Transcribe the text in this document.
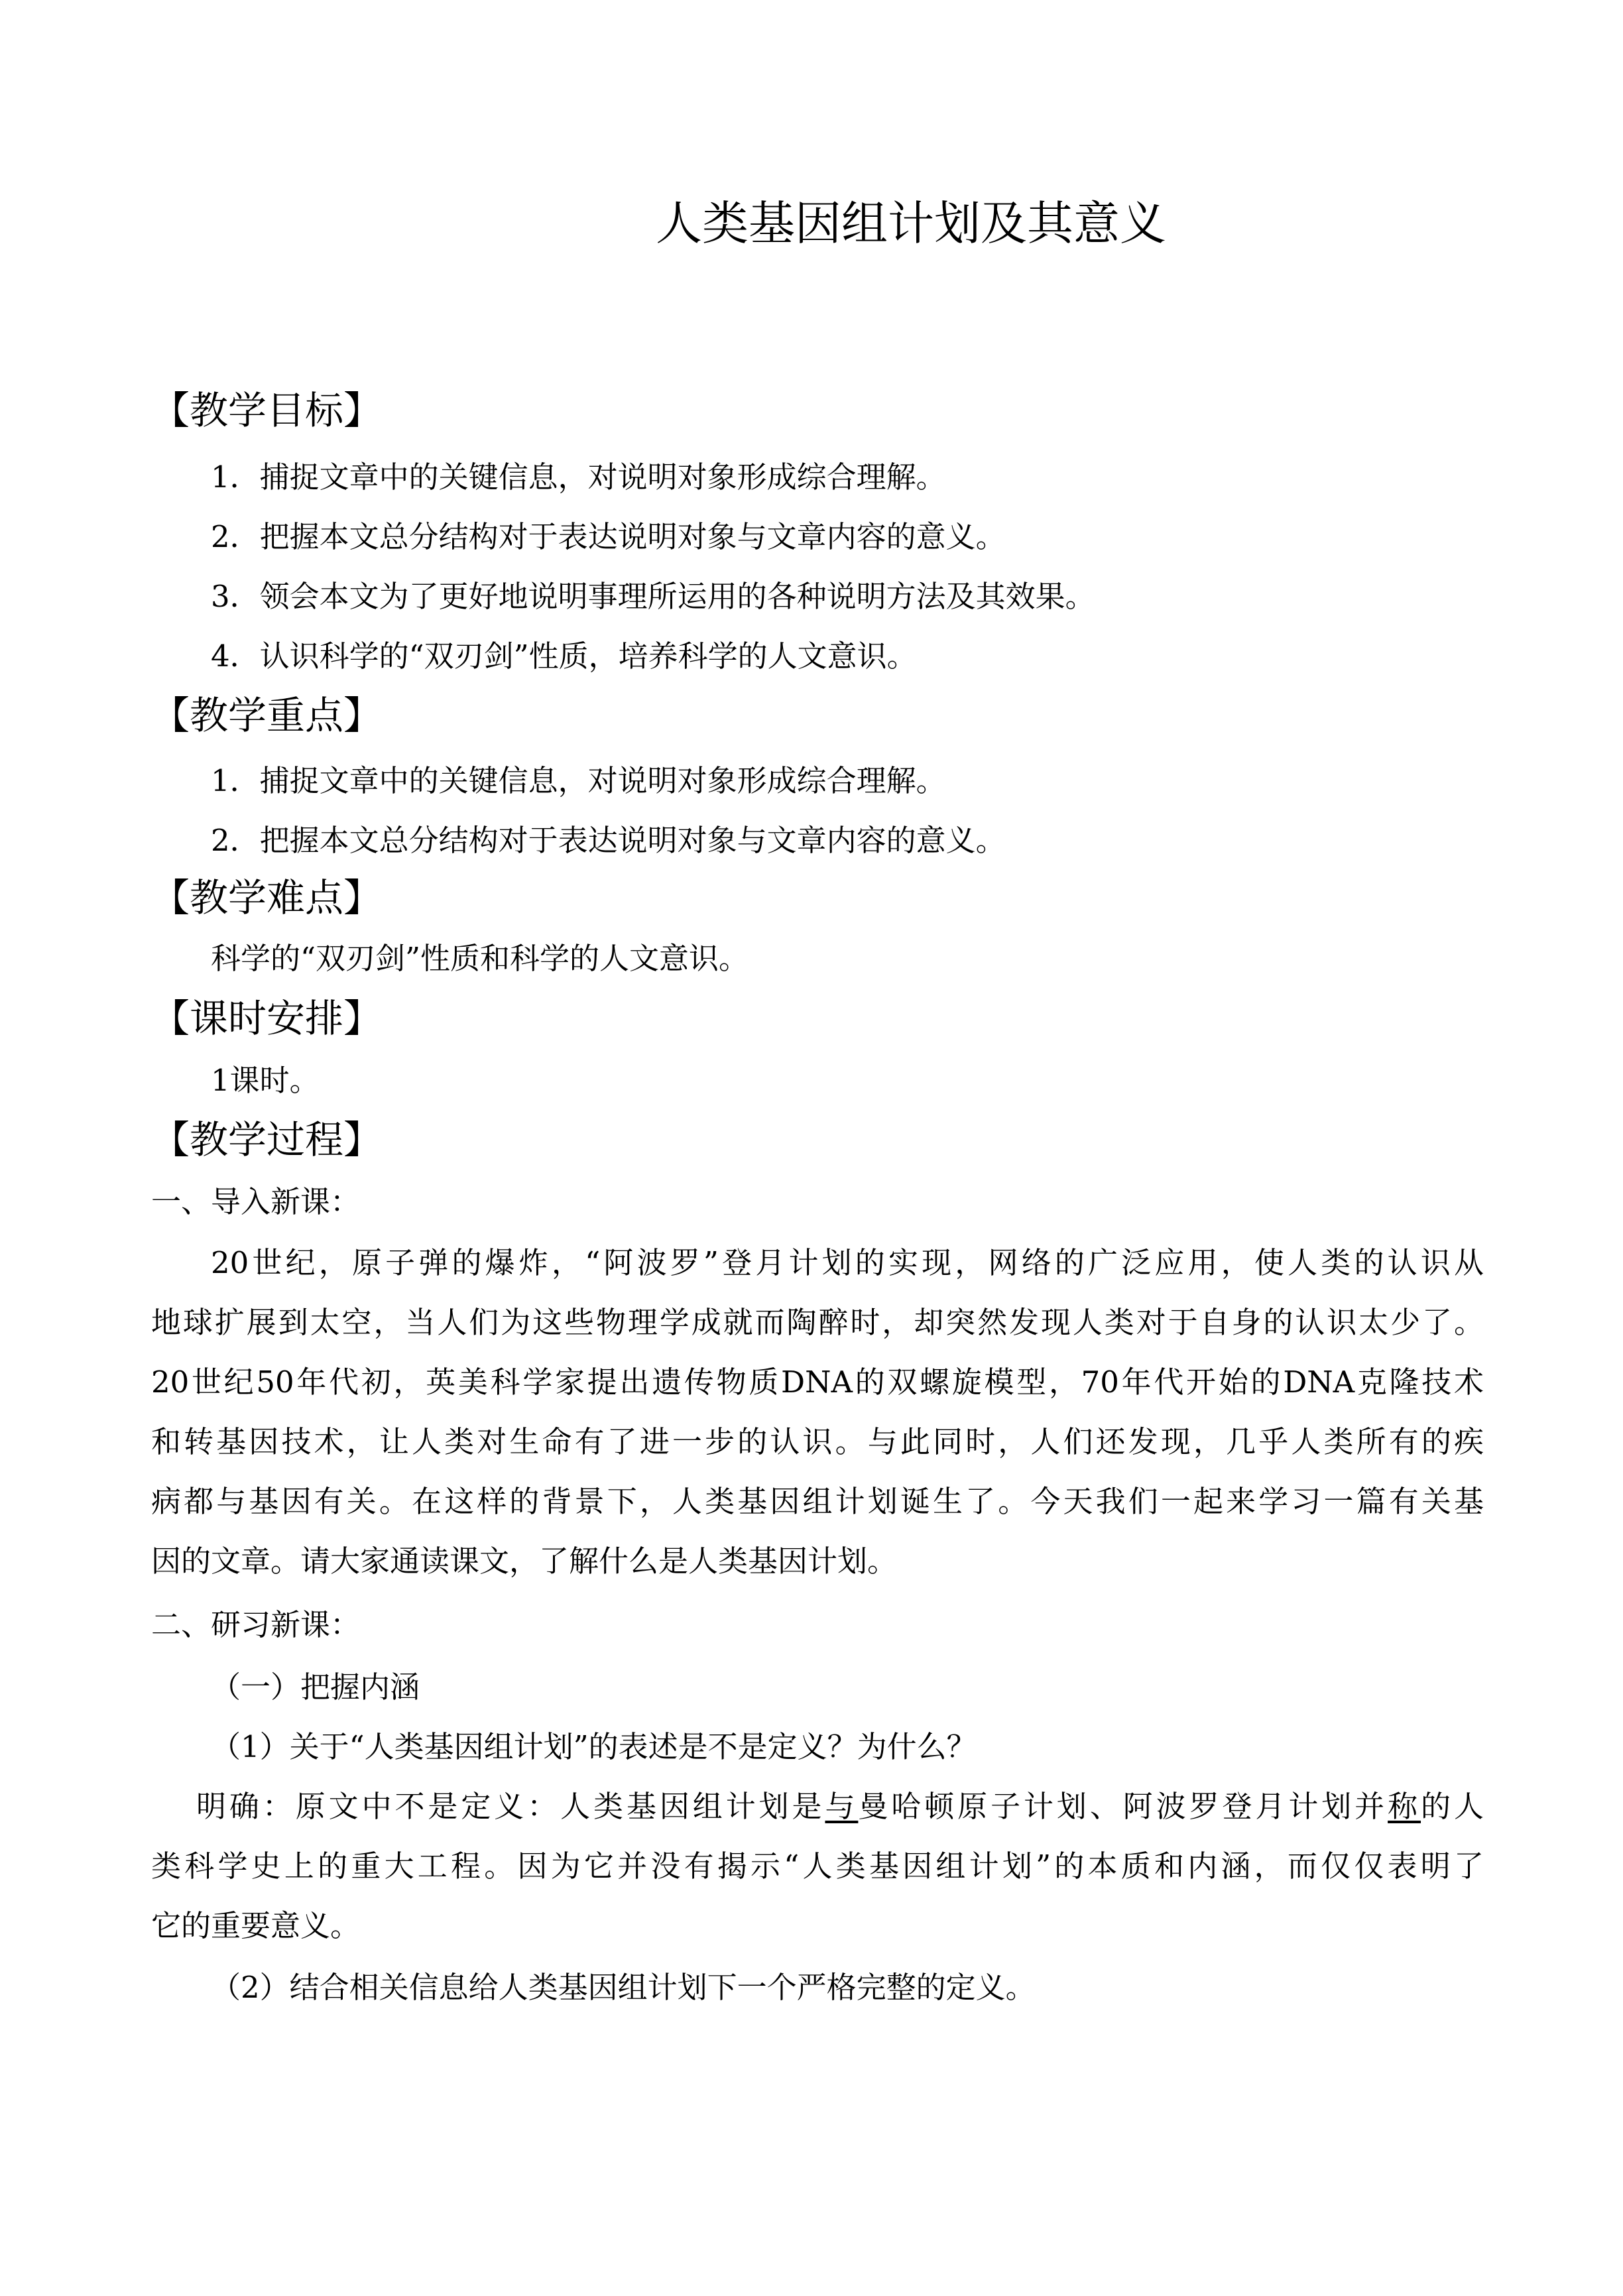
人类基因组计划及其意义
【教学目标】
1．捕捉文章中的关键信息，对说明对象形成综合理解。
2．把握本文总分结构对于表达说明对象与文章内容的意义。
3．领会本文为了更好地说明事理所运用的各种说明方法及其效果。
4．认识科学的“双刃剑”性质，培养科学的人文意识。
【教学重点】
1．捕捉文章中的关键信息，对说明对象形成综合理解。
2．把握本文总分结构对于表达说明对象与文章内容的意义。
【教学难点】
科学的“双刃剑”性质和科学的人文意识。
【课时安排】
1课时。
【教学过程】
一、导入新课：
20世纪，原子弹的爆炸，“阿波罗”登月计划的实现，网络的广泛应用，使人类的认识从
地球扩展到太空，当人们为这些物理学成就而陶醉时，却突然发现人类对于自身的认识太少了。
20世纪50年代初，英美科学家提出遗传物质DNA的双螺旋模型，70年代开始的DNA克隆技术
和转基因技术，让人类对生命有了进一步的认识。与此同时，人们还发现，几乎人类所有的疾
病都与基因有关。在这样的背景下，人类基因组计划诞生了。今天我们一起来学习一篇有关基
因的文章。请大家通读课文，了解什么是人类基因计划。
二、研习新课：
（一）把握内涵
（1）关于“人类基因组计划”的表述是不是定义？为什么？
明确：原文中不是定义：人类基因组计划是与曼哈顿原子计划、阿波罗登月计划并称的人
类科学史上的重大工程。因为它并没有揭示“人类基因组计划”的本质和内涵，而仅仅表明了
它的重要意义。
（2）结合相关信息给人类基因组计划下一个严格完整的定义。
